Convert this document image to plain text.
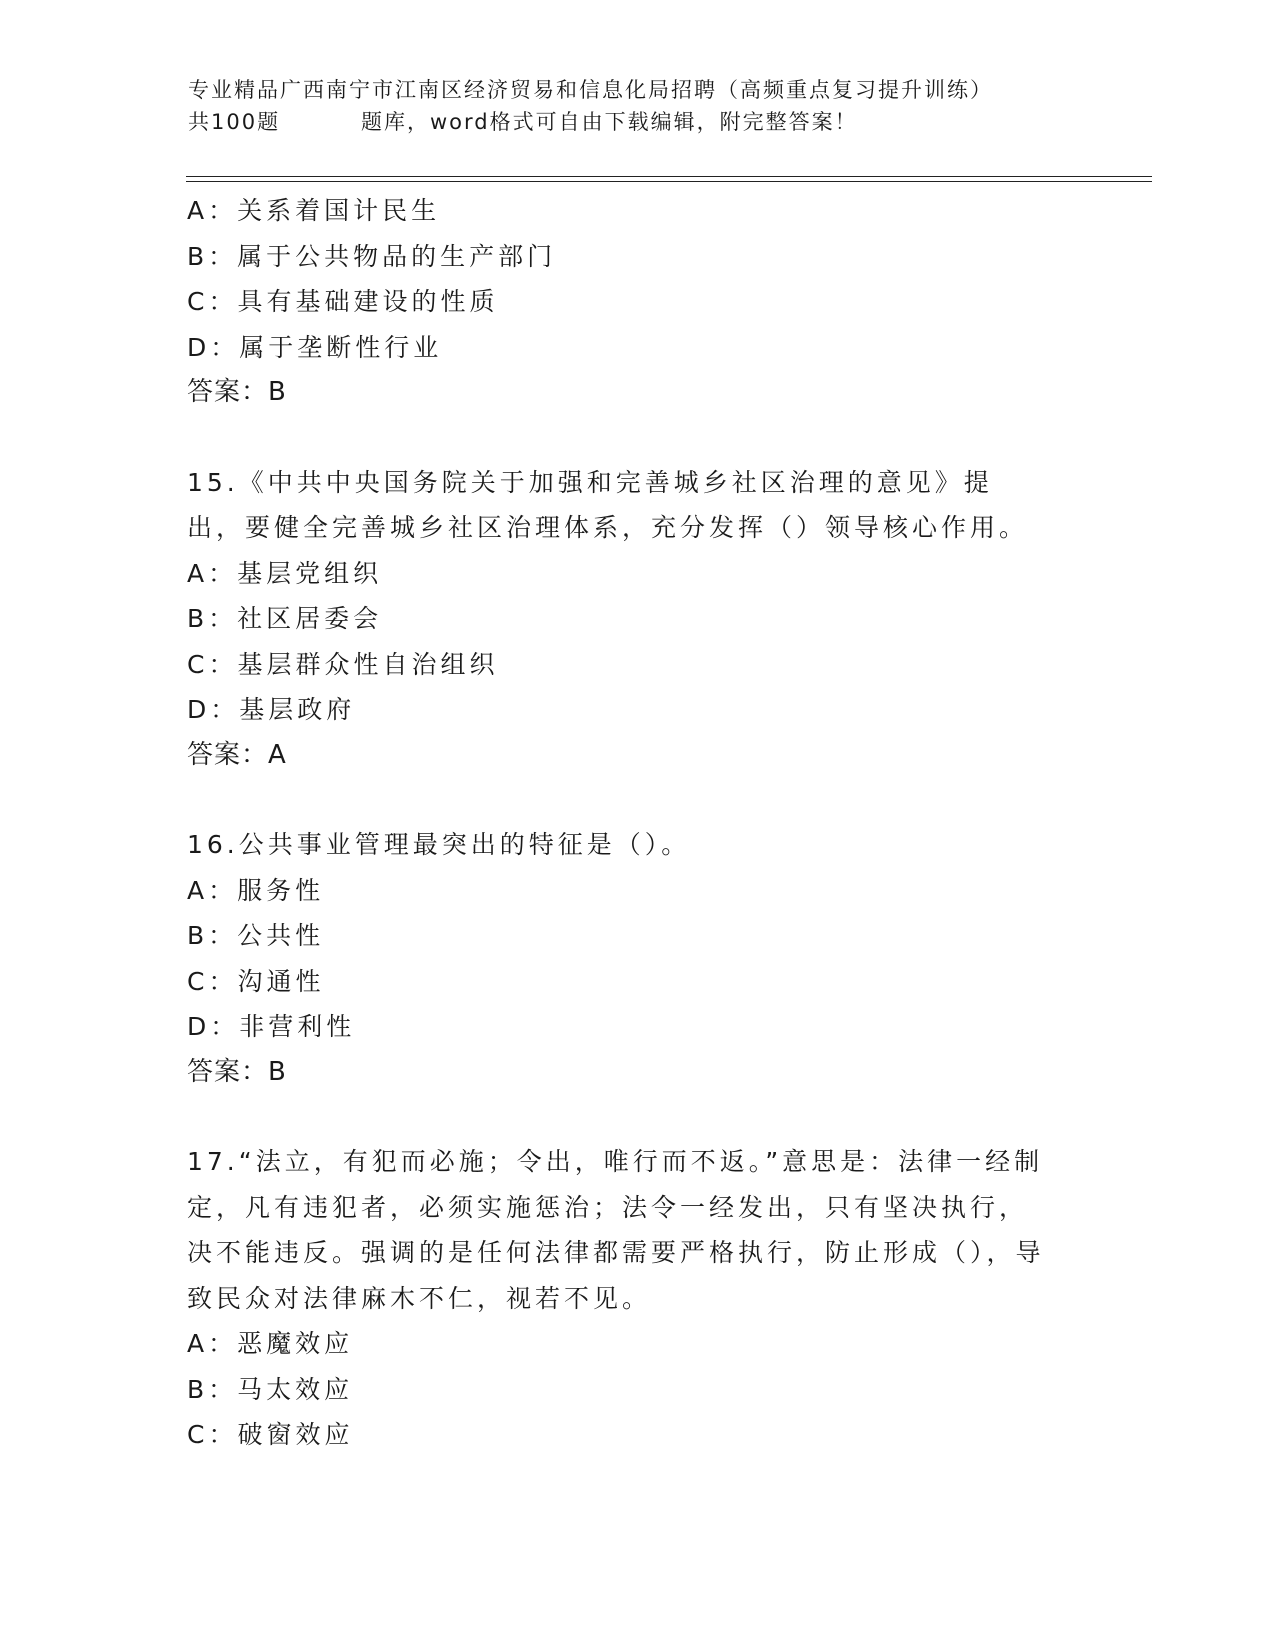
专业精品广西南宁市江南区经济贸易和信息化局招聘（高频重点复习提升训练）
共100题	题库，word格式可自由下载编辑，附完整答案！
A：关系着国计民生
B：属于公共物品的生产部门
C：具有基础建设的性质
D：属于垄断性行业
答案：B
15.《中共中央国务院关于加强和完善城乡社区治理的意见》提出，要健全完善城乡社区治理体系，充分发挥（）领导核心作用。
A：基层党组织
B：社区居委会
C：基层群众性自治组织
D：基层政府
答案：A
16.公共事业管理最突出的特征是（）。
A：服务性
B：公共性
C：沟通性
D：非营利性
答案：B
17.“法立，有犯而必施；令出，唯行而不返。”意思是：法律一经制定，凡有违犯者，必须实施惩治；法令一经发出，只有坚决执行，决不能违反。强调的是任何法律都需要严格执行，防止形成（），导致民众对法律麻木不仁，视若不见。
A：恶魔效应
B：马太效应
C：破窗效应
